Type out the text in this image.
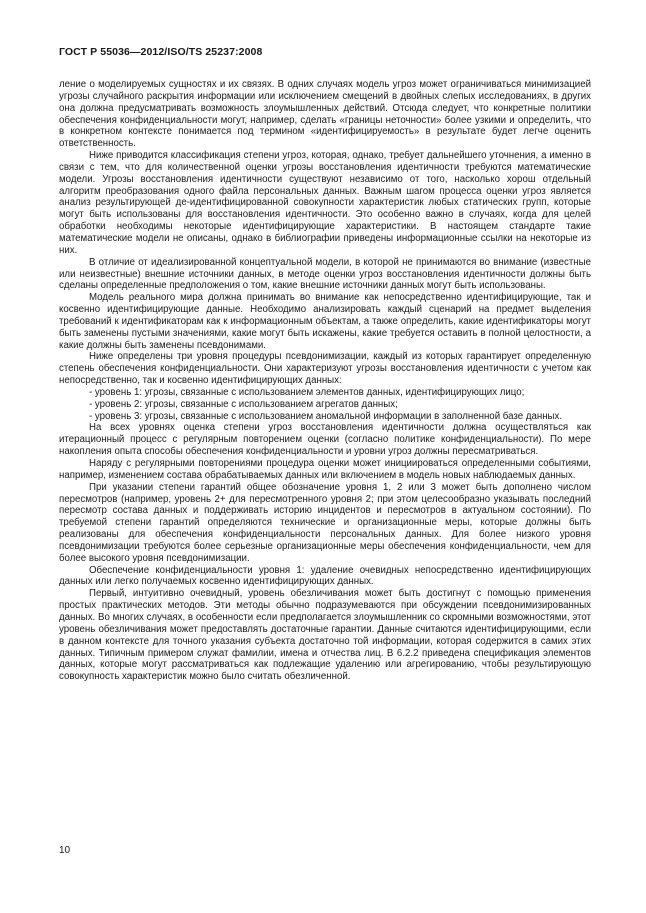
ГОСТ Р 55036—2012/ISO/TS 25237:2008

ление о моделируемых сущностях и их связях. В одних случаях модель угроз может ограничиваться минимизацией угрозы случайного раскрытия информации или исключением смещений в двойных слепых исследованиях, в других она должна предусматривать возможность злоумышленных действий. Отсюда следует, что конкретные политики обеспечения конфиденциальности могут, например, сделать «границы неточности» более узкими и определить, что в конкретном контексте понимается под термином «идентифицируемость» в результате будет легче оценить ответственность.

Ниже приводится классификация степени угроз, которая, однако, требует дальнейшего уточнения, а именно в связи с тем, что для количественной оценки угрозы восстановления идентичности требуются математические модели. Угрозы восстановления идентичности существуют независимо от того, насколько хорош отдельный алгоритм преобразования одного файла персональных данных. Важным шагом процесса оценки угроз является анализ результирующей де-идентифицированной совокупности характеристик любых статических групп, которые могут быть использованы для восстановления идентичности. Это особенно важно в случаях, когда для целей обработки необходимы некоторые идентифицирующие характеристики. В настоящем стандарте такие математические модели не описаны, однако в библиографии приведены информационные ссылки на некоторые из них.

В отличие от идеализированной концептуальной модели, в которой не принимаются во внимание (известные или неизвестные) внешние источники данных, в методе оценки угроз восстановления идентичности должны быть сделаны определенные предположения о том, какие внешние источники данных могут быть использованы.

Модель реального мира должна принимать во внимание как непосредственно идентифицирующие, так и косвенно идентифицирующие данные. Необходимо анализировать каждый сценарий на предмет выделения требований к идентификаторам как к информационным объектам, а также определить, какие идентификаторы могут быть заменены пустыми значениями, какие могут быть искажены, какие требуется оставить в полной целостности, а какие должны быть заменены псевдонимами.

Ниже определены три уровня процедуры псевдонимизации, каждый из которых гарантирует определенную степень обеспечения конфиденциальности. Они характеризуют угрозы восстановления идентичности с учетом как непосредственно, так и косвенно идентифицирующих данных:

- уровень 1: угрозы, связанные с использованием элементов данных, идентифицирующих лицо;

- уровень 2: угрозы, связанные с использованием агрегатов данных;

- уровень 3: угрозы, связанные с использованием аномальной информации в заполненной базе данных.

На всех уровнях оценка степени угроз восстановления идентичности должна осуществляться как итерационный процесс с регулярным повторением оценки (согласно политике конфиденциальности). По мере накопления опыта способы обеспечения конфиденциальности и уровни угроз должны пересматриваться.

Наряду с регулярными повторениями процедура оценки может инициироваться определенными событиями, например, изменением состава обрабатываемых данных или включением в модель новых наблюдаемых данных.

При указании степени гарантий общее обозначение уровня 1, 2 или 3 может быть дополнено числом пересмотров (например, уровень 2+ для пересмотренного уровня 2; при этом целесообразно указывать последний пересмотр состава данных и поддерживать историю инцидентов и пересмотров в актуальном состоянии). По требуемой степени гарантий определяются технические и организационные меры, которые должны быть реализованы для обеспечения конфиденциальности персональных данных. Для более низкого уровня псевдонимизации требуются более серьезные организационные меры обеспечения конфиденциальности, чем для более высокого уровня псевдонимизации.

Обеспечение конфиденциальности уровня 1: удаление очевидных непосредственно идентифицирующих данных или легко получаемых косвенно идентифицирующих данных.

Первый, интуитивно очевидный, уровень обезличивания может быть достигнут с помощью применения простых практических методов. Эти методы обычно подразумеваются при обсуждении псевдонимизированных данных. Во многих случаях, в особенности если предполагается злоумышленник со скромными возможностями, этот уровень обезличивания может предоставлять достаточные гарантии. Данные считаются идентифицирующими, если в данном контексте для точного указания субъекта достаточно той информации, которая содержится в самих этих данных. Типичным примером служат фамилии, имена и отчества лиц. В 6.2.2 приведена спецификация элементов данных, которые могут рассматриваться как подлежащие удалению или агрегированию, чтобы результирующую совокупность характеристик можно было считать обезличенной.

10
